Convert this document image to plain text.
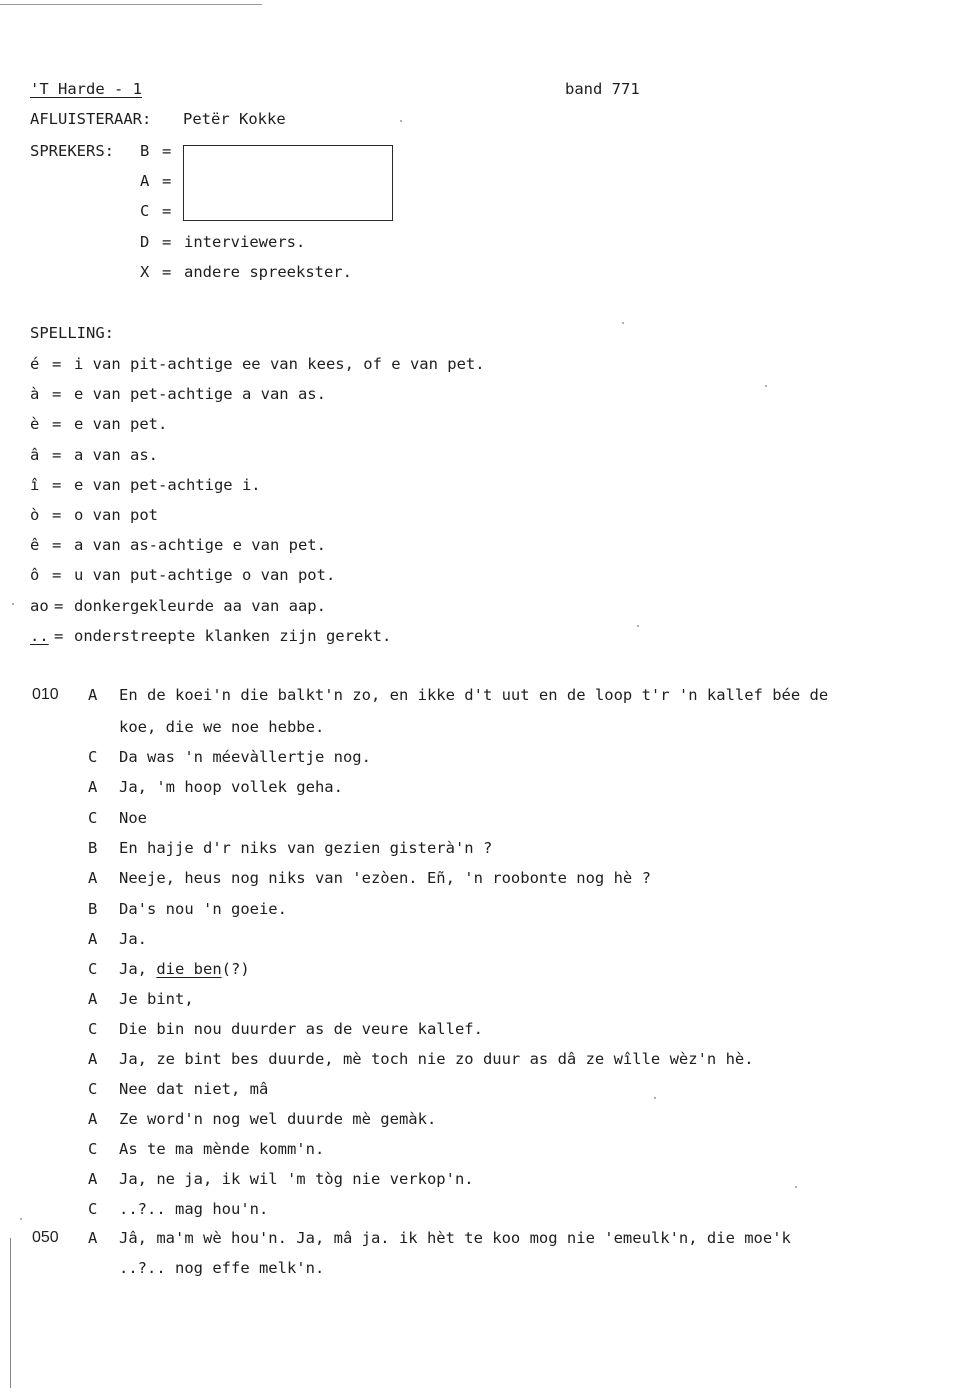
'T Harde - 1	band 771
AFLUISTERAAR: Petër Kokke
SPREKERS: B =
A =
C =
D = interviewers.
X = andere spreekster.
SPELLING:
é = i van pit-achtige ee van kees, of e van pet.
à = e van pet-achtige a van as.
è = e van pet.
â = a van as.
î = e van pet-achtige i.
ò = o van pot
ê = a van as-achtige e van pet.
ô = u van put-achtige o van pot.
ao = donkergekleurde aa van aap.
.. = onderstreepte klanken zijn gerekt.
010 A En de koei'n die balkt'n zo, en ikke d't uut en de loop t'r 'n kallef bée de
koe, die we noe hebbe.
C Da was 'n méevàllertje nog.
A Ja, 'm hoop vollek geha.
C Noe
B En hajje d'r niks van gezien gisterà'n ?
A Neeje, heus nog niks van 'ezòen. Eñ, 'n roobonte nog hè ?
B Da's nou 'n goeie.
A Ja.
C Ja, die ben(?)
A Je bint,
C Die bin nou duurder as de veure kallef.
A Ja, ze bint bes duurde, mè toch nie zo duur as dâ ze wîlle wèz'n hè.
C Nee dat niet, mâ
A Ze word'n nog wel duurde mè gemàk.
C As te ma mènde komm'n.
A Ja, ne ja, ik wil 'm tòg nie verkop'n.
C ..?.. mag hou'n.
050 A Jâ, ma'm wè hou'n. Ja, mâ ja. ik hèt te koo mog nie 'emeulk'n, die moe'k
..?.. nog effe melk'n.
